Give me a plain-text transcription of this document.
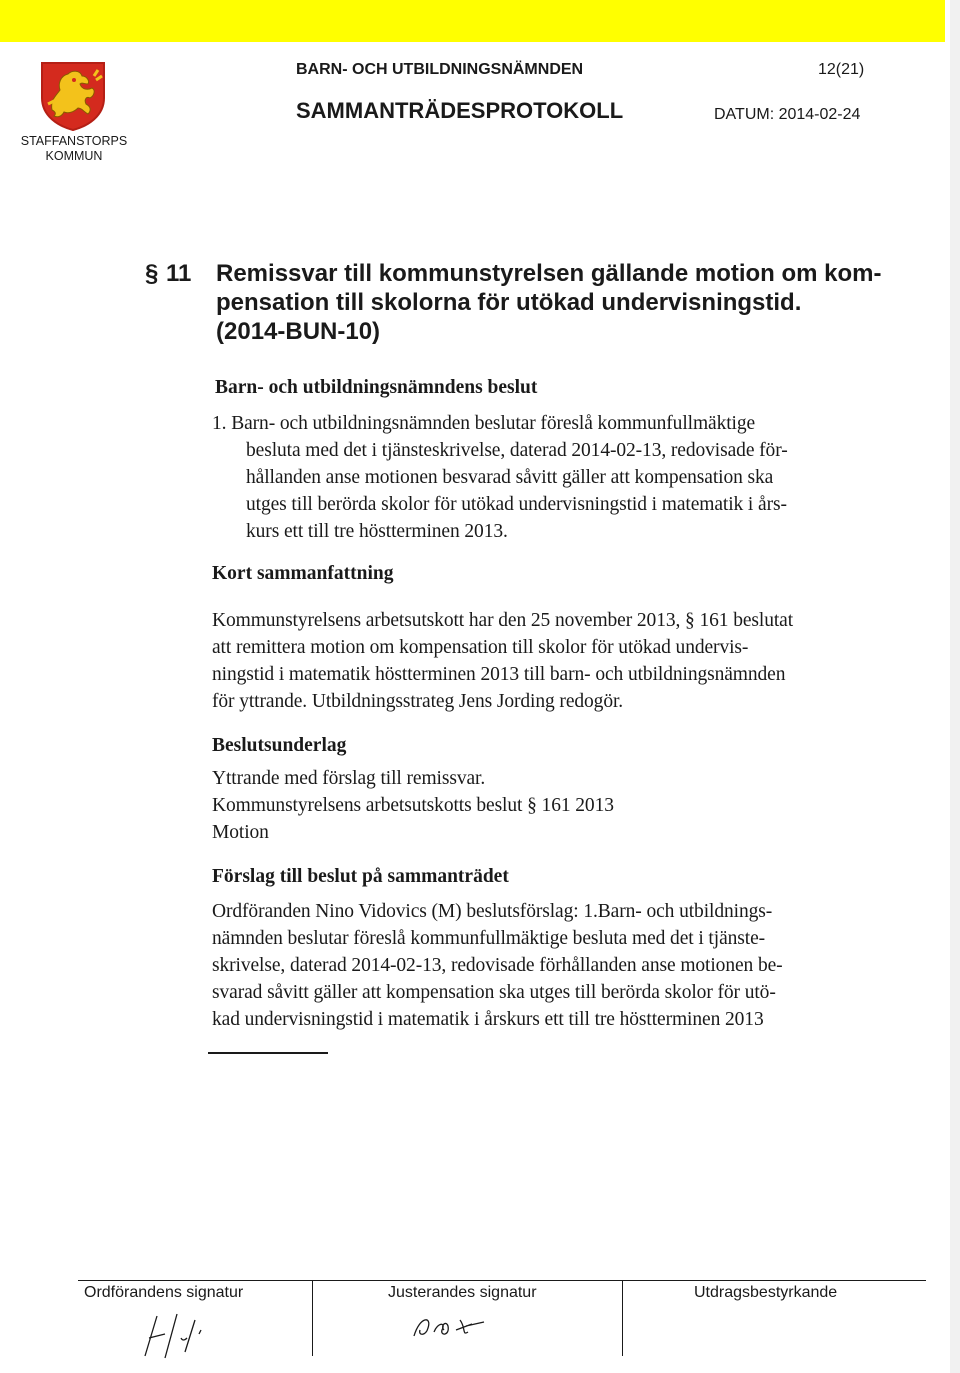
STAFFANSTORPS
KOMMUN
BARN- OCH UTBILDNINGSNÄMNDEN	12(21)
SAMMANTRÄDESPROTOKOLL	DATUM: 2014-02-24
§ 11 Remissvar till kommunstyrelsen gällande motion om kom-
pensation till skolorna för utökad undervisningstid.
(2014-BUN-10)
Barn- och utbildningsnämndens beslut
1. Barn- och utbildningsnämnden beslutar föreslå kommunfullmäktige
besluta med det i tjänsteskrivelse, daterad 2014-02-13, redovisade för-
hållanden anse motionen besvarad såvitt gäller att kompensation ska
utges till berörda skolor för utökad undervisningstid i matematik i års-
kurs ett till tre höstterminen 2013.
Kort sammanfattning
Kommunstyrelsens arbetsutskott har den 25 november 2013, § 161 beslutat
att remittera motion om kompensation till skolor för utökad undervis-
ningstid i matematik höstterminen 2013 till barn- och utbildningsnämnden
för yttrande. Utbildningsstrateg Jens Jording redogör.
Beslutsunderlag
Yttrande med förslag till remissvar.
Kommunstyrelsens arbetsutskotts beslut § 161 2013
Motion
Förslag till beslut på sammanträdet
Ordföranden Nino Vidovics (M) beslutsförslag: 1.Barn- och utbildnings-
nämnden beslutar föreslå kommunfullmäktige besluta med det i tjänste-
skrivelse, daterad 2014-02-13, redovisade förhållanden anse motionen be-
svarad såvitt gäller att kompensation ska utges till berörda skolor för utö-
kad undervisningstid i matematik i årskurs ett till tre höstterminen 2013
Ordförandens signatur	Justerandes signatur	Utdragsbestyrkande
